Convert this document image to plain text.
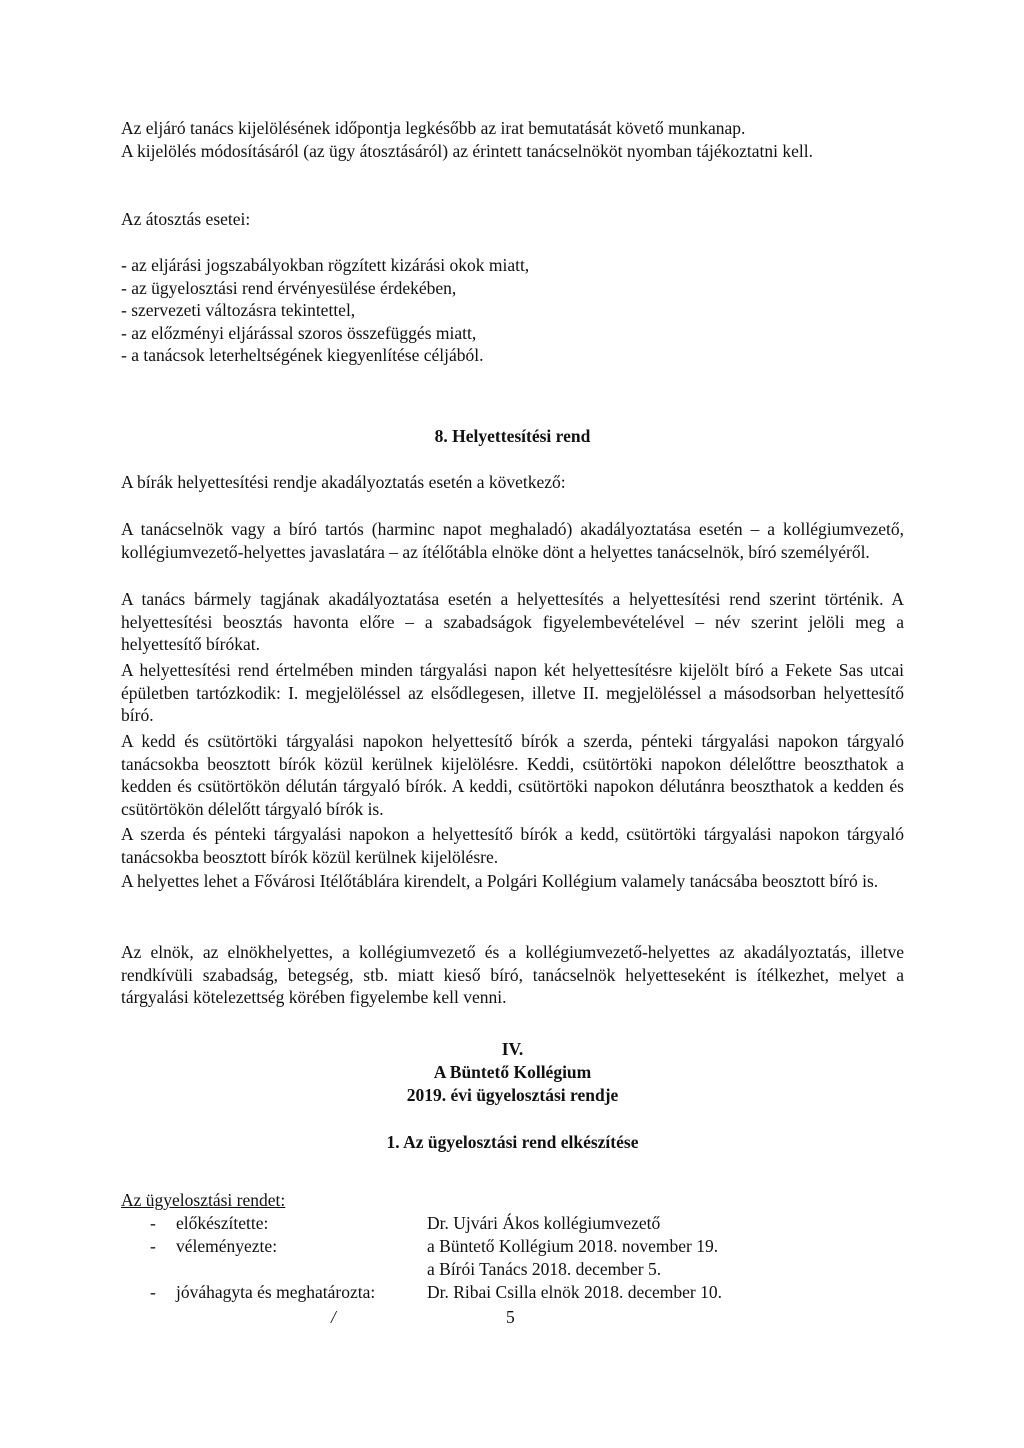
Az eljáró tanács kijelölésének időpontja legkésőbb az irat bemutatását követő munkanap.
A kijelölés módosításáról (az ügy átosztásáról) az érintett tanácselnököt nyomban tájékoztatni kell.

Az átosztás esetei:

- az eljárási jogszabályokban rögzített kizárási okok miatt,
- az ügyelosztási rend érvényesülése érdekében,
- szervezeti változásra tekintettel,
- az előzményi eljárással szoros összefüggés miatt,
- a tanácsok leterheltségének kiegyenlítése céljából.

8. Helyettesítési rend

A bírák helyettesítési rendje akadályoztatás esetén a következő:

A tanácselnök vagy a bíró tartós (harminc napot meghaladó) akadályoztatása esetén – a kollégiumvezető, kollégiumvezető-helyettes javaslatára – az ítélőtábla elnöke dönt a helyettes tanácselnök, bíró személyéről.

A tanács bármely tagjának akadályoztatása esetén a helyettesítés a helyettesítési rend szerint történik. A helyettesítési beosztás havonta előre – a szabadságok figyelembevételével – név szerint jelöli meg a helyettesítő bírókat.

A helyettesítési rend értelmében minden tárgyalási napon két helyettesítésre kijelölt bíró a Fekete Sas utcai épületben tartózkodik: I. megjelöléssel az elsődlegesen, illetve II. megjelöléssel a másodsorban helyettesítő bíró.

A kedd és csütörtöki tárgyalási napokon helyettesítő bírók a szerda, pénteki tárgyalási napokon tárgyaló tanácsokba beosztott bírók közül kerülnek kijelölésre. Keddi, csütörtöki napokon délelőttre beoszthatok a kedden és csütörtökön délután tárgyaló bírók. A keddi, csütörtöki napokon délutánra beoszthatok a kedden és csütörtökön délelőtt tárgyaló bírók is.

A szerda és pénteki tárgyalási napokon a helyettesítő bírók a kedd, csütörtöki tárgyalási napokon tárgyaló tanácsokba beosztott bírók közül kerülnek kijelölésre.

A helyettes lehet a Fővárosi Itélőtáblára kirendelt, a Polgári Kollégium valamely tanácsába beosztott bíró is.

Az elnök, az elnökhelyettes, a kollégiumvezető és a kollégiumvezető-helyettes az akadályoztatás, illetve rendkívüli szabadság, betegség, stb. miatt kieső bíró, tanácselnök helyetteseként is ítélkezhet, melyet a tárgyalási kötelezettség körében figyelembe kell venni.

IV.

A Büntető Kollégium

2019. évi ügyelosztási rendje

1. Az ügyelosztási rend elkészítése

Az ügyelosztási rendet:

- előkészítette:	Dr. Ujvári Ákos kollégiumvezető
- véleményezte:	a Büntető Kollégium 2018. november 19.
a Bírói Tanács 2018. december 5.
- jóváhagyta és meghatározta:	Dr. Ribai Csilla elnök 2018. december 10.
/	5
